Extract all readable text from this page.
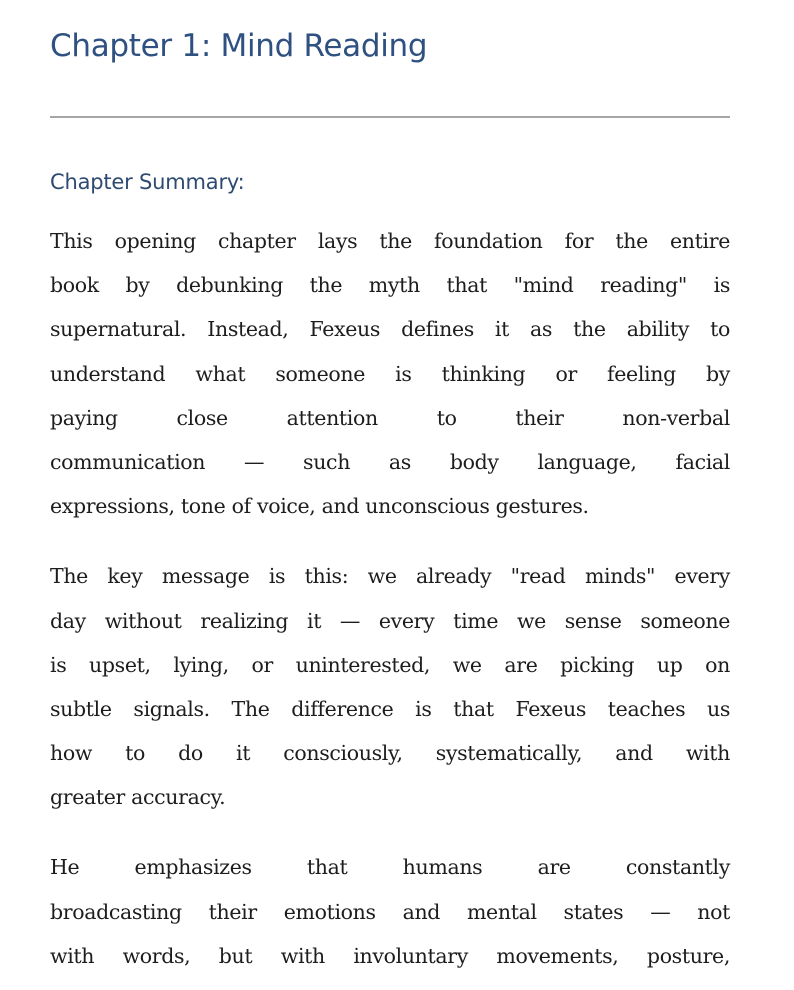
Chapter 1: Mind Reading
Chapter Summary:

This opening chapter lays the foundation for the entire
book by debunking the myth that "mind reading" is
supernatural. Instead, Fexeus defines it as the ability to
understand what someone is thinking or feeling by
paying close attention to their non-verbal
communication — such as body language, facial
expressions, tone of voice, and unconscious gestures.

The key message is this: we already "read minds" every
day without realizing it — every time we sense someone
is upset, lying, or uninterested, we are picking up on
subtle signals. The difference is that Fexeus teaches us
how to do it consciously, systematically, and with
greater accuracy.

He emphasizes that humans are constantly
broadcasting their emotions and mental states — not
with words, but with involuntary movements, posture,
